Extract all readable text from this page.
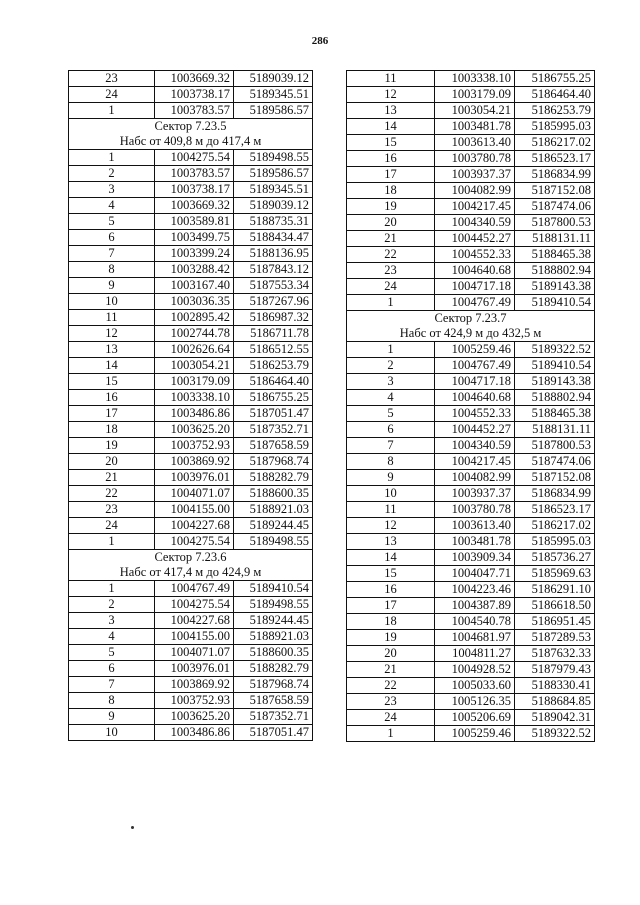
286
23	1003669.32	5189039.12
24	1003738.17	5189345.51
1	1003783.57	5189586.57
Сектор 7.23.5		
Набс от 409,8 м до 417,4 м		
1	1004275.54	5189498.55
2	1003783.57	5189586.57
3	1003738.17	5189345.51
4	1003669.32	5189039.12
5	1003589.81	5188735.31
6	1003499.75	5188434.47
7	1003399.24	5188136.95
8	1003288.42	5187843.12
9	1003167.40	5187553.34
10	1003036.35	5187267.96
11	1002895.42	5186987.32
12	1002744.78	5186711.78
13	1002626.64	5186512.55
14	1003054.21	5186253.79
15	1003179.09	5186464.40
16	1003338.10	5186755.25
17	1003486.86	5187051.47
18	1003625.20	5187352.71
19	1003752.93	5187658.59
20	1003869.92	5187968.74
21	1003976.01	5188282.79
22	1004071.07	5188600.35
23	1004155.00	5188921.03
24	1004227.68	5189244.45
1	1004275.54	5189498.55
Сектор 7.23.6		
Набс от 417,4 м до 424,9 м		
1	1004767.49	5189410.54
2	1004275.54	5189498.55
3	1004227.68	5189244.45
4	1004155.00	5188921.03
5	1004071.07	5188600.35
6	1003976.01	5188282.79
7	1003869.92	5187968.74
8	1003752.93	5187658.59
9	1003625.20	5187352.71
10	1003486.86	5187051.47
11	1003338.10	5186755.25
12	1003179.09	5186464.40
13	1003054.21	5186253.79
14	1003481.78	5185995.03
15	1003613.40	5186217.02
16	1003780.78	5186523.17
17	1003937.37	5186834.99
18	1004082.99	5187152.08
19	1004217.45	5187474.06
20	1004340.59	5187800.53
21	1004452.27	5188131.11
22	1004552.33	5188465.38
23	1004640.68	5188802.94
24	1004717.18	5189143.38
1	1004767.49	5189410.54
Сектор 7.23.7		
Набс от 424,9 м до 432,5 м		
1	1005259.46	5189322.52
2	1004767.49	5189410.54
3	1004717.18	5189143.38
4	1004640.68	5188802.94
5	1004552.33	5188465.38
6	1004452.27	5188131.11
7	1004340.59	5187800.53
8	1004217.45	5187474.06
9	1004082.99	5187152.08
10	1003937.37	5186834.99
11	1003780.78	5186523.17
12	1003613.40	5186217.02
13	1003481.78	5185995.03
14	1003909.34	5185736.27
15	1004047.71	5185969.63
16	1004223.46	5186291.10
17	1004387.89	5186618.50
18	1004540.78	5186951.45
19	1004681.97	5187289.53
20	1004811.27	5187632.33
21	1004928.52	5187979.43
22	1005033.60	5188330.41
23	1005126.35	5188684.85
24	1005206.69	5189042.31
1	1005259.46	5189322.52
